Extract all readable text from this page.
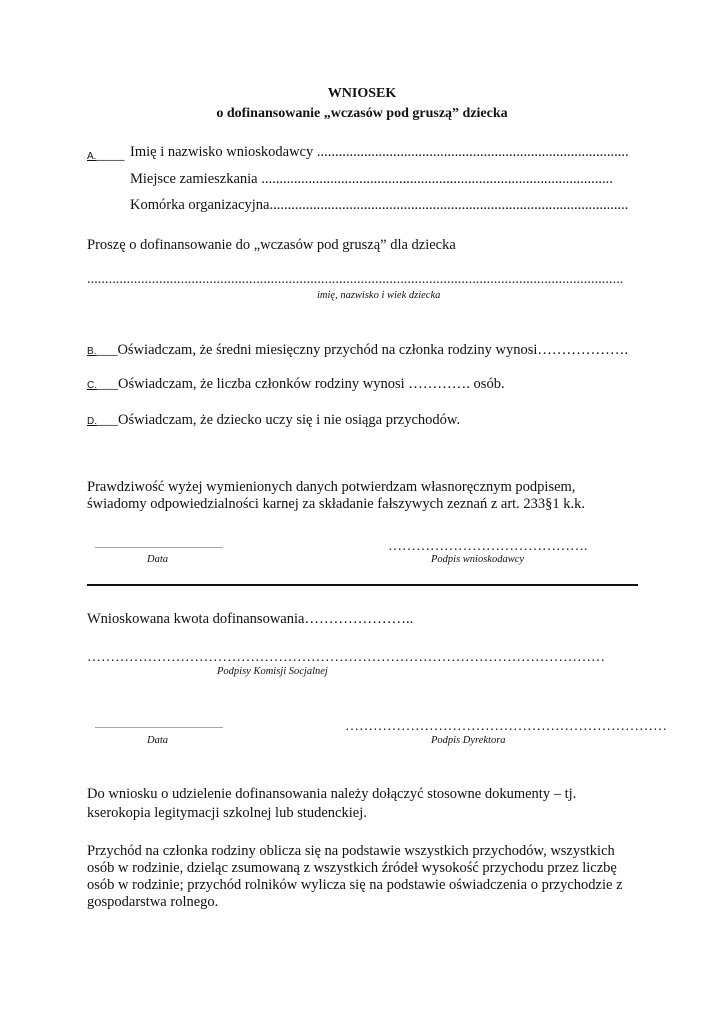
WNIOSEK
o dofinansowanie „wczasów pod gruszą” dziecka
A.____ Imię i nazwisko wnioskodawcy ......................................................................................
Miejsce zamieszkania .................................................................................................
Komórka organizacyjna...................................................................................................
Proszę o dofinansowanie do „wczasów pod gruszą” dla dziecka
.....................................................................................................................................................
imię, nazwisko i wiek dziecka
B.___Oświadczam, że średni miesięczny przychód na członka rodziny wynosi……………….
C.___Oświadczam, że liczba członków rodziny wynosi …………. osób.
D.___Oświadczam, że dziecko uczy się i nie osiąga przychodów.
Prawdziwość wyżej wymienionych danych potwierdzam własnoręcznym podpisem,
świadomy odpowiedzialności karnej za składanie fałszywych zeznań z art. 233§1 k.k.
................................................................
Data
…………………………………….
Podpis wnioskodawcy
Wnioskowana kwota dofinansowania…………………..
…………………………………………………………………………………………………
Podpisy Komisji Socjalnej
................................................................
Data
……………………………………………………………
Podpis Dyrektora
Do wniosku o udzielenie dofinansowania należy dołączyć stosowne dokumenty – tj.
kserokopia legitymacji szkolnej lub studenckiej.
Przychód na członka rodziny oblicza się na podstawie wszystkich przychodów, wszystkich
osób w rodzinie, dzieląc zsumowaną z wszystkich źródeł wysokość przychodu przez liczbę
osób w rodzinie; przychód rolników wylicza się na podstawie oświadczenia o przychodzie z
gospodarstwa rolnego.
